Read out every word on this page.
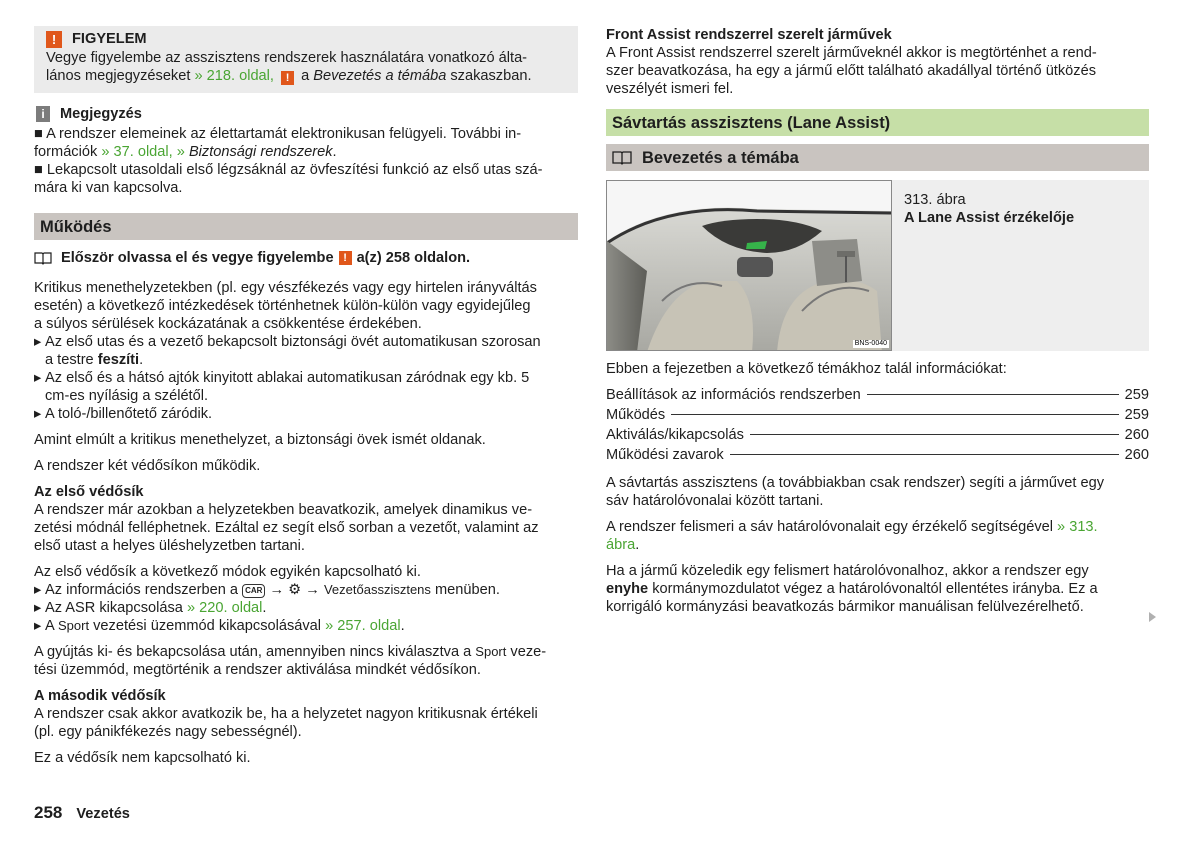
!	FIGYELEM

Vegye figyelembe az asszisztens rendszerek használatára vonatkozó álta-

lános megjegyzéseket » 218. oldal, ! a Bevezetés a témába szakaszban.

i	Megjegyzés

■ A rendszer elemeinek az élettartamát elektronikusan felügyeli. További in-

formációk » 37. oldal, » Biztonsági rendszerek.

■ Lekapcsolt utasoldali első légzsáknál az övfeszítési funkció az első utas szá-

mára ki van kapcsolva.

Működés
Először olvassa el és vegye figyelembe ! a(z) 258 oldalon.

Kritikus menethelyzetekben (pl. egy vészfékezés vagy egy hirtelen irányváltás

esetén) a következő intézkedések történhetnek külön-külön vagy egyidejűleg

a súlyos sérülések kockázatának a csökkentése érdekében.

▸ Az első utas és a vezető bekapcsolt biztonsági övét automatikusan szorosan

a testre feszíti.

▸ Az első és a hátsó ajtók kinyitott ablakai automatikusan záródnak egy kb. 5

cm-es nyílásig a szélétől.

▸ A toló-/billenőtető záródik.

Amint elmúlt a kritikus menethelyzet, a biztonsági övek ismét oldanak.

A rendszer két védősíkon működik.

Az első védősík

A rendszer már azokban a helyzetekben beavatkozik, amelyek dinamikus ve-

zetési módnál felléphetnek. Ezáltal ez segít első sorban a vezetőt, valamint az

első utast a helyes üléshelyzetben tartani.

Az első védősík a következő módok egyikén kapcsolható ki.

▸ Az információs rendszerben a CAR → ⚙ → Vezetőasszisztens menüben.

▸ Az ASR kikapcsolása » 220. oldal.

▸ A Sport vezetési üzemmód kikapcsolásával » 257. oldal.

A gyújtás ki- és bekapcsolása után, amennyiben nincs kiválasztva a Sport veze-

tési üzemmód, megtörténik a rendszer aktiválása mindkét védősíkon.

A második védősík

A rendszer csak akkor avatkozik be, ha a helyzetet nagyon kritikusnak értékeli

(pl. egy pánikfékezés nagy sebességnél).

Ez a védősík nem kapcsolható ki.

Front Assist rendszerrel szerelt járművek

A Front Assist rendszerrel szerelt járműveknél akkor is megtörténhet a rend-

szer beavatkozása, ha egy a jármű előtt található akadállyal történő ütközés

veszélyét ismeri fel.

Sávtartás asszisztens (Lane Assist)
Bevezetés a témába
BNS-0040

313. ábra

A Lane Assist érzékelője

Ebben a fejezetben a következő témákhoz talál információkat:

Beállítások az információs rendszerben	259
Működés	259
Aktiválás/kikapcsolás	260
Működési zavarok	260

A sávtartás asszisztens (a továbbiakban csak rendszer) segíti a járművet egy

sáv határolóvonalai között tartani.

A rendszer felismeri a sáv határolóvonalait egy érzékelő segítségével » 313.

ábra.

Ha a jármű közeledik egy felismert határolóvonalhoz, akkor a rendszer egy

enyhe kormánymozdulatot végez a határolóvonaltól ellentétes irányba. Ez a

korrigáló kormányzási beavatkozás bármikor manuálisan felülvezérelhető.

258 Vezetés
